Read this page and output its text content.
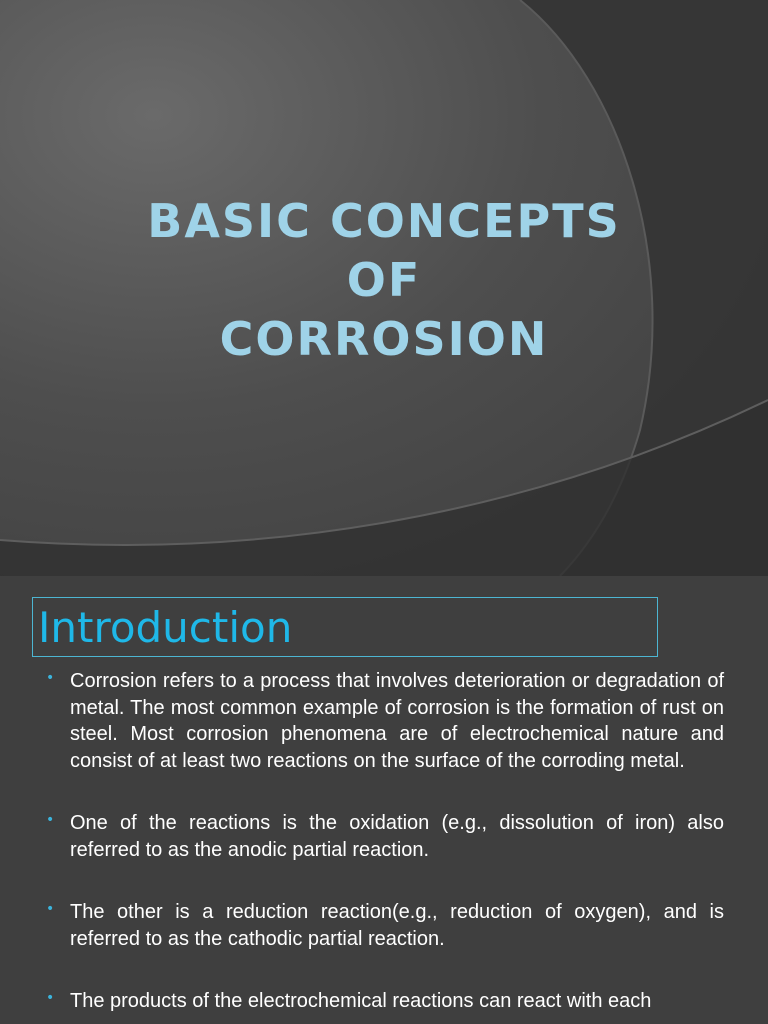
BASIC CONCEPTS
OF
CORROSION
Introduction
• Corrosion refers to a process that involves deterioration or degradation of metal. The most common example of corrosion is the formation of rust on steel. Most corrosion phenomena are of electrochemical nature and consist of at least two reactions on the surface of the corroding metal.
• One of the reactions is the oxidation (e.g., dissolution of iron) also referred to as the anodic partial reaction.
• The other is a reduction reaction(e.g., reduction of oxygen), and is referred to as the cathodic partial reaction.
• The products of the electrochemical reactions can react with each
